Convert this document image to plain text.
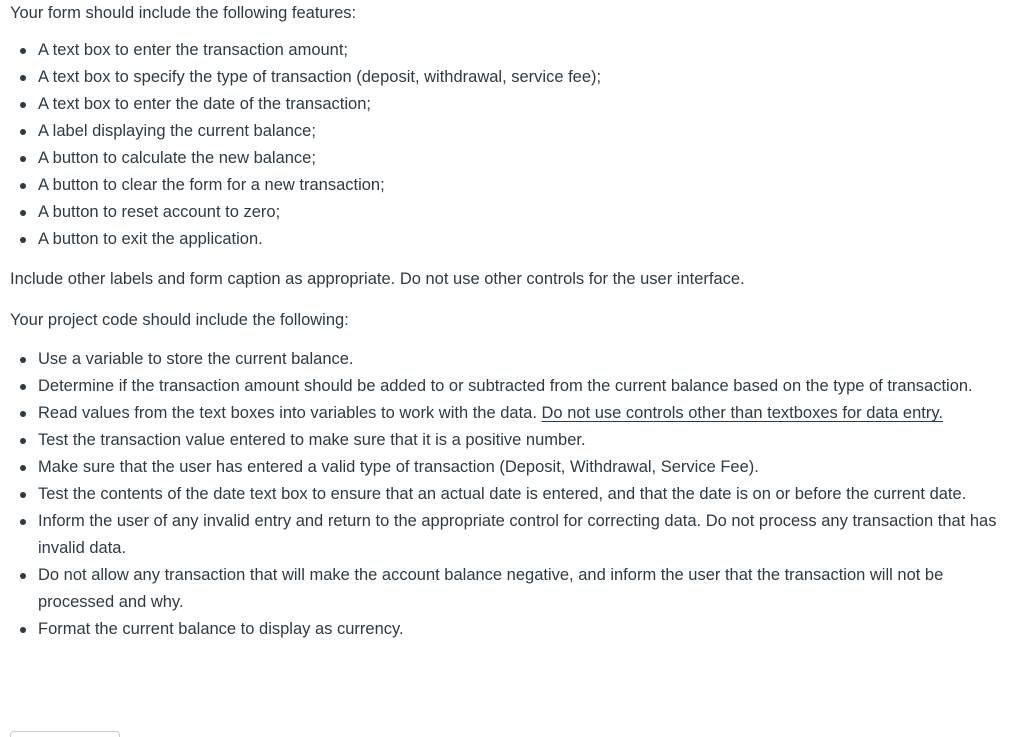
Your form should include the following features:

A text box to enter the transaction amount;
A text box to specify the type of transaction (deposit, withdrawal, service fee);
A text box to enter the date of the transaction;
A label displaying the current balance;
A button to calculate the new balance;
A button to clear the form for a new transaction;
A button to reset account to zero;
A button to exit the application.

Include other labels and form caption as appropriate. Do not use other controls for the user interface.

Your project code should include the following:

Use a variable to store the current balance.
Determine if the transaction amount should be added to or subtracted from the current balance based on the type of transaction.
Read values from the text boxes into variables to work with the data. Do not use controls other than textboxes for data entry.
Test the transaction value entered to make sure that it is a positive number.
Make sure that the user has entered a valid type of transaction (Deposit, Withdrawal, Service Fee).
Test the contents of the date text box to ensure that an actual date is entered, and that the date is on or before the current date.
Inform the user of any invalid entry and return to the appropriate control for correcting data. Do not process any transaction that has invalid data.
Do not allow any transaction that will make the account balance negative, and inform the user that the transaction will not be processed and why.
Format the current balance to display as currency.
